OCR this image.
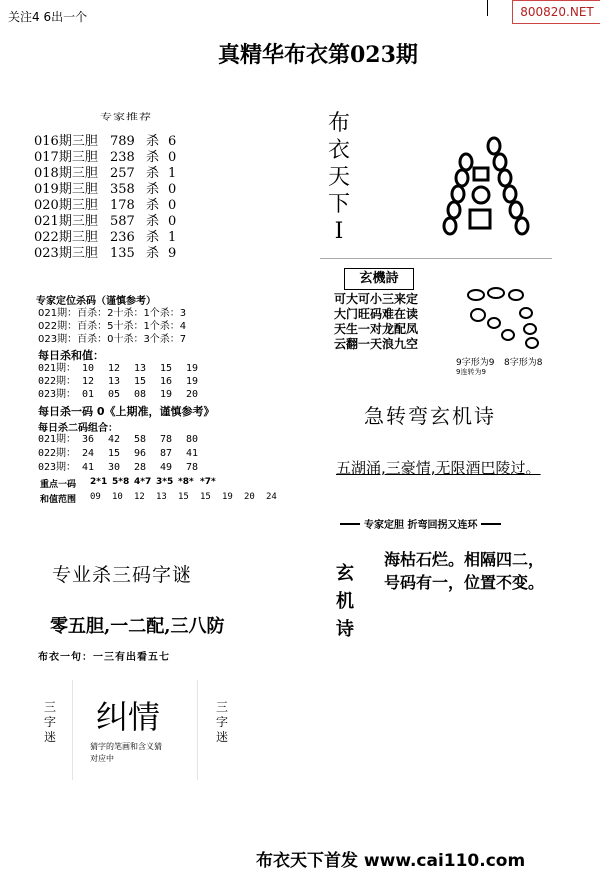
关注4 6出一个	800820.NET
真精华布衣第023期
专家推荐
016期三胆 789 杀 6
017期三胆 238 杀 0
018期三胆 257 杀 1
019期三胆 358 杀 0
020期三胆 178 杀 0
021期三胆 587 杀 0
022期三胆 236 杀 1
023期三胆 135 杀 9
专家定位杀码（谨慎参考）
021期：百杀：2十杀：1个杀：3
022期：百杀：5十杀：1个杀：4
023期：百杀：0十杀：3个杀：7
每日杀和值：
021期： 10	12	13	15	19
022期： 12	13	15	16	19
023期： 01	05	08	19	20
每日杀一码 0《上期准，谨慎参考》
每日杀二码组合：
021期： 36	42	58	78	80
022期： 24	15	96	87	41
023期： 41	30	28	49	78
重点一码	2*1 5*8 4*7 3*5 *8* *7*
和值范围	09	10	12	13	15	15	19	20	24
专业杀三码字谜
零五胆,一二配,三八防
布衣一句：一三有出看五七
三字迷
纠情
猜字的笔画和含义猜
对应中
三字迷
布
衣
天
下
I
玄機詩
可大可小三来定
大门旺码难在读
天生一对龙配凤
云翻一天浪九空
9字形为9
9连转为9
8字形为8
急转弯玄机诗
五湖涌,三豪情,无限酒巴陵过。
专家定胆 折弯回拐又连环
玄
机
诗
海枯石烂。相隔四二，
号码有一，位置不变。
布衣天下首发 www.cai110.com
